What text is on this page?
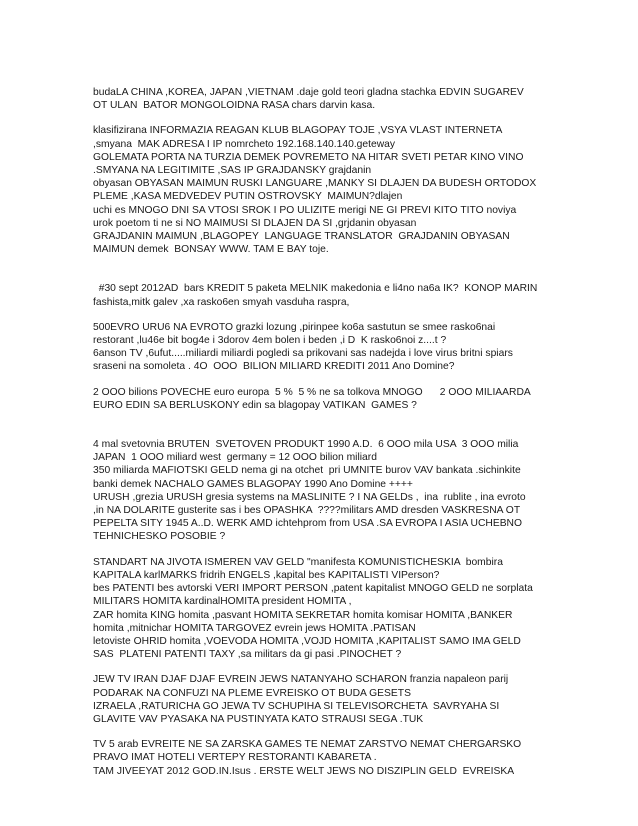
budaLA CHINA ,KOREA, JAPAN ,VIETNAM .daje gold teori gladna stachka EDVIN SUGAREV

OT ULAN  BATOR MONGOLOIDNA RASA chars darvin kasa.

klasifizirana INFORMAZIA REAGAN KLUB BLAGOPAY TOJE ,VSYA VLAST INTERNETA

,smyana  MAK ADRESA I IP nomrcheto 192.168.140.140.geteway

GOLEMATA PORTA NA TURZIA DEMEK POVREMETO NA HITAR SVETI PETAR KINO VINO

.SMYANA NA LEGITIMITE ,SAS IP GRAJDANSKY grajdanin

obyasan OBYASAN MAIMUN RUSKI LANGUARE ,MANKY SI DLAJEN DA BUDESH ORTODOX

PLEME ,KASA MEDVEDEV PUTIN OSTROVSKY  MAIMUN?dlajen

uchi es MNOGO DNI SA VTOSI SROK I PO ULIZITE merigi NE GI PREVI KITO TITO noviya

urok poetom ti ne si NO MAIMUSI SI DLAJEN DA SI ,grjdanin obyasan

GRAJDANIN MAIMUN ,BLAGOPEY  LANGUAGE TRANSLATOR  GRAJDANIN OBYASAN

MAIMUN demek  BONSAY WWW. TAM E BAY toje.

#30 sept 2012AD  bars KREDIT 5 paketa MELNIK makedonia e li4no na6a IK?  KONOP MARIN

fashista,mitk galev ,xa rasko6en smyah vasduha raspra,

500EVRO URU6 NA EVROTO grazki lozung ,pirinpee ko6a sastutun se smee rasko6nai

restorant ,lu46e bit bog4e i 3dorov 4em bolen i beden ,i D  K rasko6noi z....t ?

6anson TV ,6ufut.....miliardi miliardi pogledi sa prikovani sas nadejda i love virus britni spiars

sraseni na somoleta . 4O  OOO  BILION MILIARD KREDITI 2011 Ano Domine?

2 OOO bilions POVECHE euro europa  5 %  5 % ne sa tolkova MNOGO      2 OOO MILIAARDA

EURO EDIN SA BERLUSKONY edin sa blagopay VATIKAN  GAMES ?

4 mal svetovnia BRUTEN  SVETOVEN PRODUKT 1990 A.D.  6 OOO mila USA  3 OOO milia

JAPAN  1 OOO miliard west  germany = 12 OOO bilion miliard

350 miliarda MAFIOTSKI GELD nema gi na otchet  pri UMNITE burov VAV bankata .sichinkite

banki demek NACHALO GAMES BLAGOPAY 1990 Ano Domine ++++

URUSH ,grezia URUSH gresia systems na MASLINITE ? I NA GELDs ,  ina  rublite , ina evroto

,in NA DOLARITE gusterite sas i bes OPASHKA  ????militars AMD dresden VASKRESNA OT

PEPELTA SITY 1945 A..D. WERK AMD ichtehprom from USA .SA EVROPA I ASIA UCHEBNO

TEHNICHESKO POSOBIE ?

STANDART NA JIVOTA ISMEREN VAV GELD "manifesta KOMUNISTICHESKIA  bombira

KAPITALA karlMARKS fridrih ENGELS ,kapital bes KAPITALISTI VIPerson?

bes PATENTI bes avtorski VERI IMPORT PERSON ,patent kapitalist MNOGO GELD ne sorplata

MILITARS HOMITA kardinalHOMITA president HOMITA ,

ZAR homita KING homita ,pasvant HOMITA SEKRETAR homita komisar HOMITA ,BANKER

homita ,mitnichar HOMITA TARGOVEZ evrein jews HOMITA .PATISAN

letoviste OHRID homita ,VOEVODA HOMITA ,VOJD HOMITA ,KAPITALIST SAMO IMA GELD

SAS  PLATENI PATENTI TAXY ,sa militars da gi pasi .PINOCHET ?

JEW TV IRAN DJAF DJAF EVREIN JEWS NATANYAHO SCHARON franzia napaleon parij

PODARAK NA CONFUZI NA PLEME EVREISKO OT BUDA GESETS

IZRAELA ,RATURICHA GO JEWA TV SCHUPIHA SI TELEVISORCHETA  SAVRYAHA SI

GLAVITE VAV PYASAKA NA PUSTINYATA KATO STRAUSI SEGA .TUK

TV 5 arab EVREITE NE SA ZARSKA GAMES TE NEMAT ZARSTVO NEMAT CHERGARSKO

PRAVO IMAT HOTELI VERTEPY RESTORANTI KABARETA .

TAM JIVEEYAT 2012 GOD.IN.Isus . ERSTE WELT JEWS NO DISZIPLIN GELD  EVREISKA
